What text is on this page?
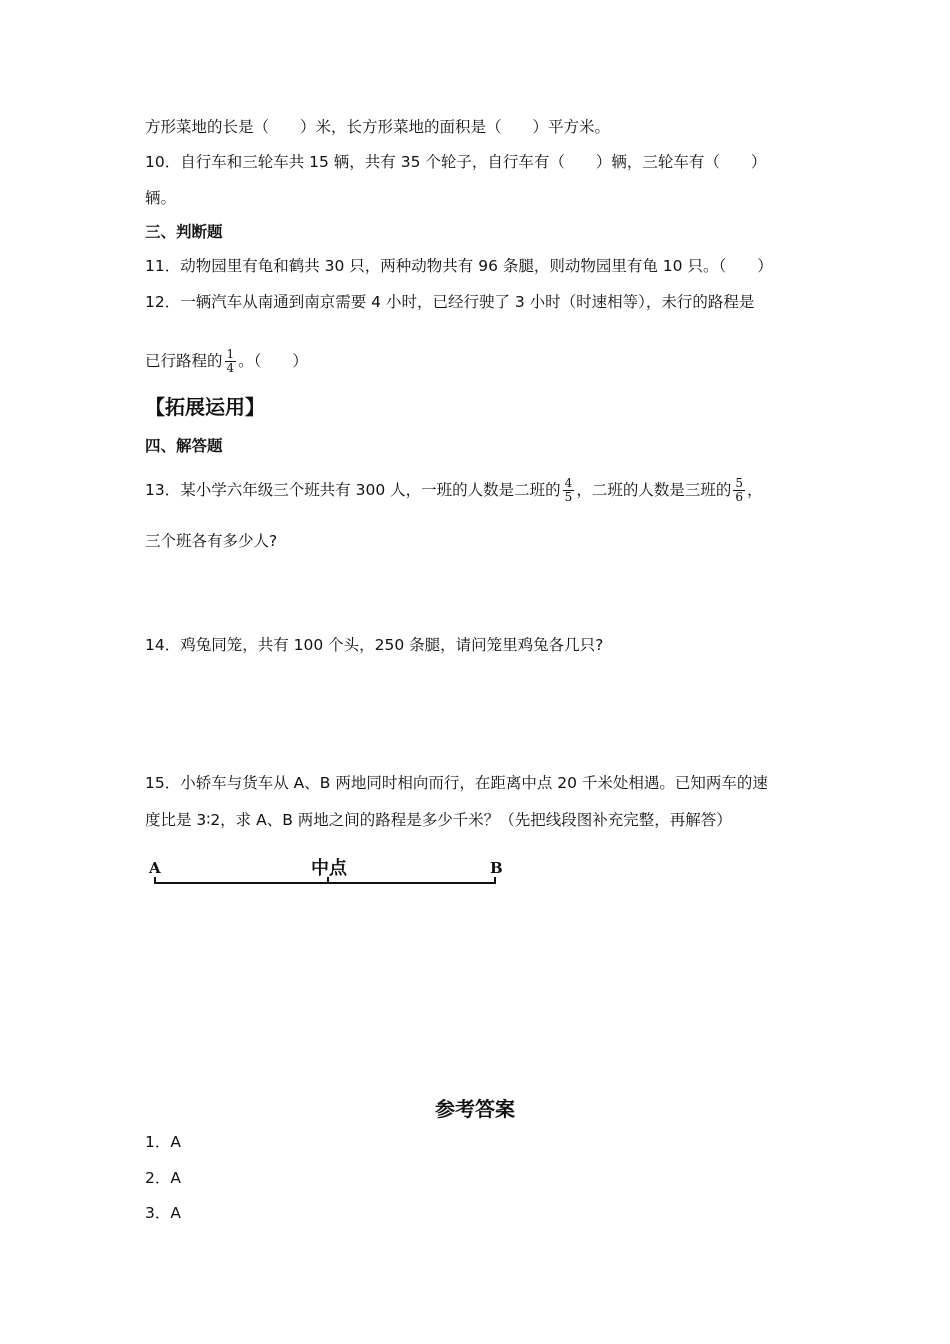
方形菜地的长是（　　）米，长方形菜地的面积是（　　）平方米。
10．自行车和三轮车共 15 辆，共有 35 个轮子，自行车有（　　）辆，三轮车有（　　）
辆。
三、判断题
11．动物园里有龟和鹤共 30 只，两种动物共有 96 条腿，则动物园里有龟 10 只。（　　）
12．一辆汽车从南通到南京需要 4 小时，已经行驶了 3 小时（时速相等），未行的路程是
已行路程的 $\frac{1}{4}$ 。（　　）
【拓展运用】
四、解答题
13．某小学六年级三个班共有 300 人，一班的人数是二班的 $\frac{4}{5}$ ，二班的人数是三班的 $\frac{5}{6}$ ，
三个班各有多少人?
14．鸡兔同笼，共有 100 个头，250 条腿，请问笼里鸡兔各几只?
15．小轿车与货车从 A、B 两地同时相向而行，在距离中点 20 千米处相遇。已知两车的速
度比是 3∶2，求 A、B 两地之间的路程是多少千米？（先把线段图补充完整，再解答）
A	中点	B
参考答案
1．A
2．A
3．A
